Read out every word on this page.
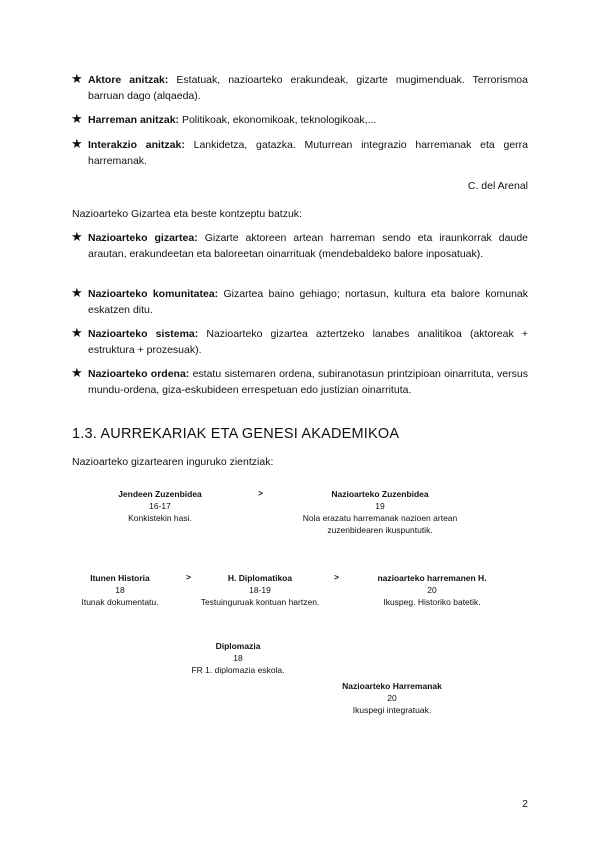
★ Aktore anitzak: Estatuak, nazioarteko erakundeak, gizarte mugimenduak. Terrorismoa barruan dago (alqaeda).
★ Harreman anitzak: Politikoak, ekonomikoak, teknologikoak,...
★ Interakzio anitzak: Lankidetza, gatazka. Muturrean integrazio harremanak eta gerra harremanak.
C. del Arenal
Nazioarteko Gizartea eta beste kontzeptu batzuk:
★ Nazioarteko gizartea: Gizarte aktoreen artean harreman sendo eta iraunkorrak daude arautan, erakundeetan eta baloreetan oinarrituak (mendebaldeko balore inposatuak).
★ Nazioarteko komunitatea: Gizartea baino gehiago; nortasun, kultura eta balore komunak eskatzen ditu.
★ Nazioarteko sistema: Nazioarteko gizartea aztertzeko lanabes analitikoa (aktoreak + estruktura + prozesuak).
★ Nazioarteko ordena: estatu sistemaren ordena, subiranotasun printzipioan oinarrituta, versus mundu-ordena, giza-eskubideen errespetuan edo justizian oinarrituta.
1.3. AURREKARIAK ETA GENESI AKADEMIKOA
Nazioarteko gizartearen inguruko zientziak:
Jendeen Zuzenbidea
16-17
Konkistekin hasi.
>	Nazioarteko Zuzenbidea
19
Nola erazatu harremanak nazioen artean zuzenbidearen ikuspuntutik.
Itunen Historia
18
Itunak dokumentatu.
>	H. Diplomatikoa
18-19
Testuinguruak kontuan hartzen.
>	nazioarteko harremanen H.
20
Ikuspeg. Historiko batetik.
Diplomazia
18
FR 1. diplomazia eskola.
Nazioarteko Harremanak
20
Ikuspegi integratuak.
2
